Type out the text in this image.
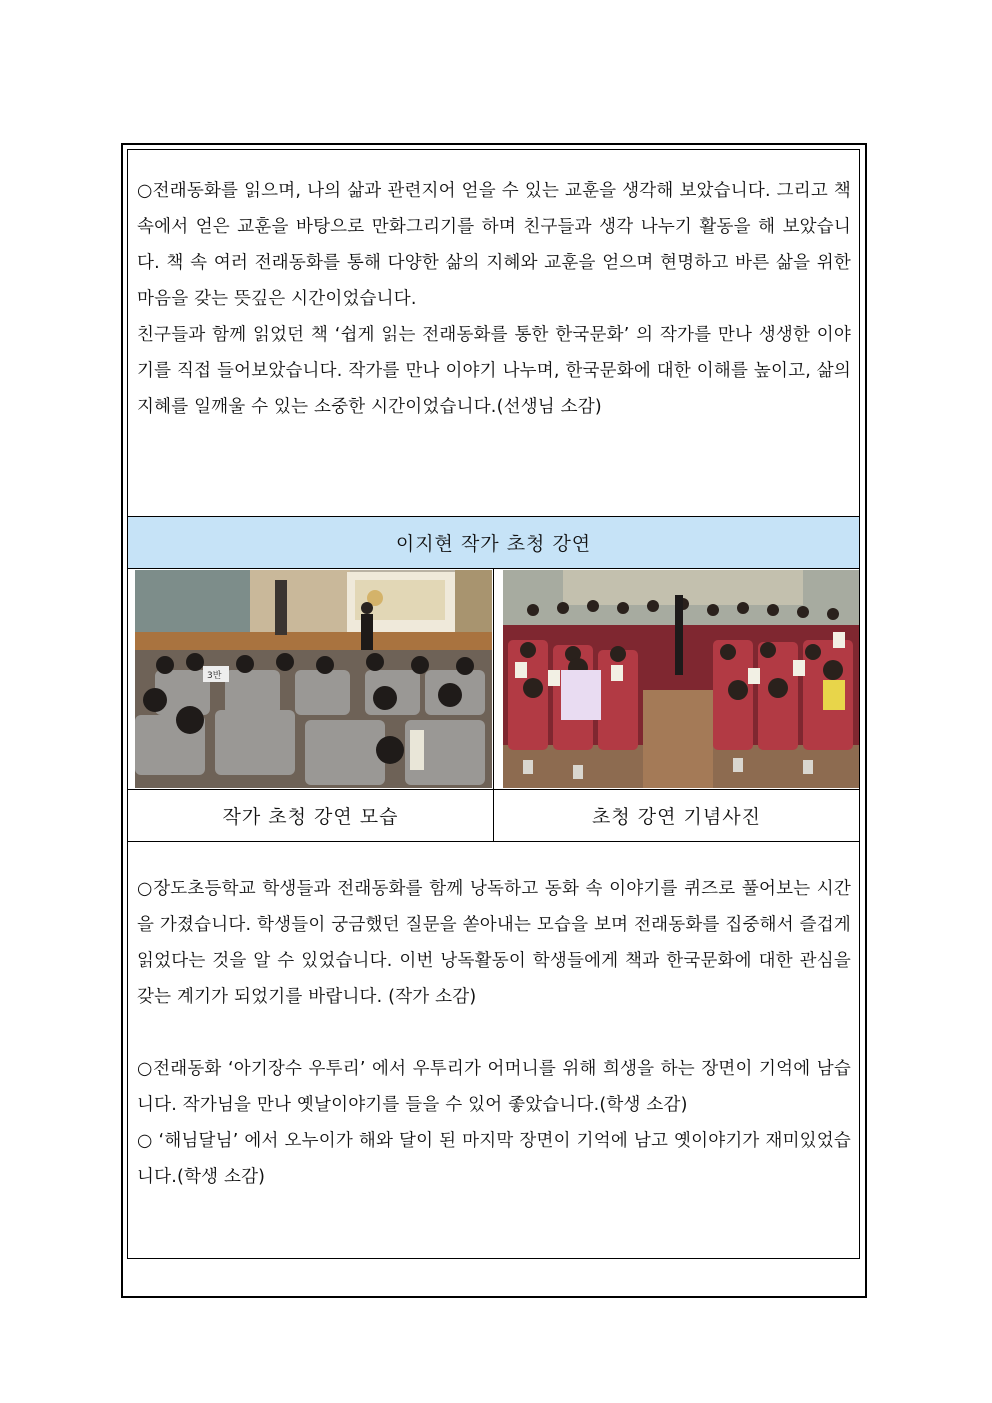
○전래동화를 읽으며, 나의 삶과 관련지어 얻을 수 있는 교훈을 생각해 보았습니다. 그리고 책 속에서 얻은 교훈을 바탕으로 만화그리기를 하며 친구들과 생각 나누기 활동을 해 보았습니다. 책 속 여러 전래동화를 통해 다양한 삶의 지혜와 교훈을 얻으며 현명하고 바른 삶을 위한 마음을 갖는 뜻깊은 시간이었습니다.

친구들과 함께 읽었던 책 ‘쉽게 읽는 전래동화를 통한 한국문화’ 의 작가를 만나 생생한 이야기를 직접 들어보았습니다. 작가를 만나 이야기 나누며, 한국문화에 대한 이해를 높이고, 삶의 지혜를 일깨울 수 있는 소중한 시간이었습니다.(선생님 소감)

이지현 작가 초청 강연
3반
작가 초청 강연 모습	초청 강연 기념사진

○장도초등학교 학생들과 전래동화를 함께 낭독하고 동화 속 이야기를 퀴즈로 풀어보는 시간을 가졌습니다. 학생들이 궁금했던 질문을 쏟아내는 모습을 보며 전래동화를 집중해서 즐겁게 읽었다는 것을 알 수 있었습니다. 이번 낭독활동이 학생들에게 책과 한국문화에 대한 관심을 갖는 계기가 되었기를 바랍니다. (작가 소감)

○전래동화 ‘아기장수 우투리’ 에서 우투리가 어머니를 위해 희생을 하는 장면이 기억에 남습니다. 작가님을 만나 옛날이야기를 들을 수 있어 좋았습니다.(학생 소감)

○ ‘해님달님’ 에서 오누이가 해와 달이 된 마지막 장면이 기억에 남고 옛이야기가 재미있었습니다.(학생 소감)
